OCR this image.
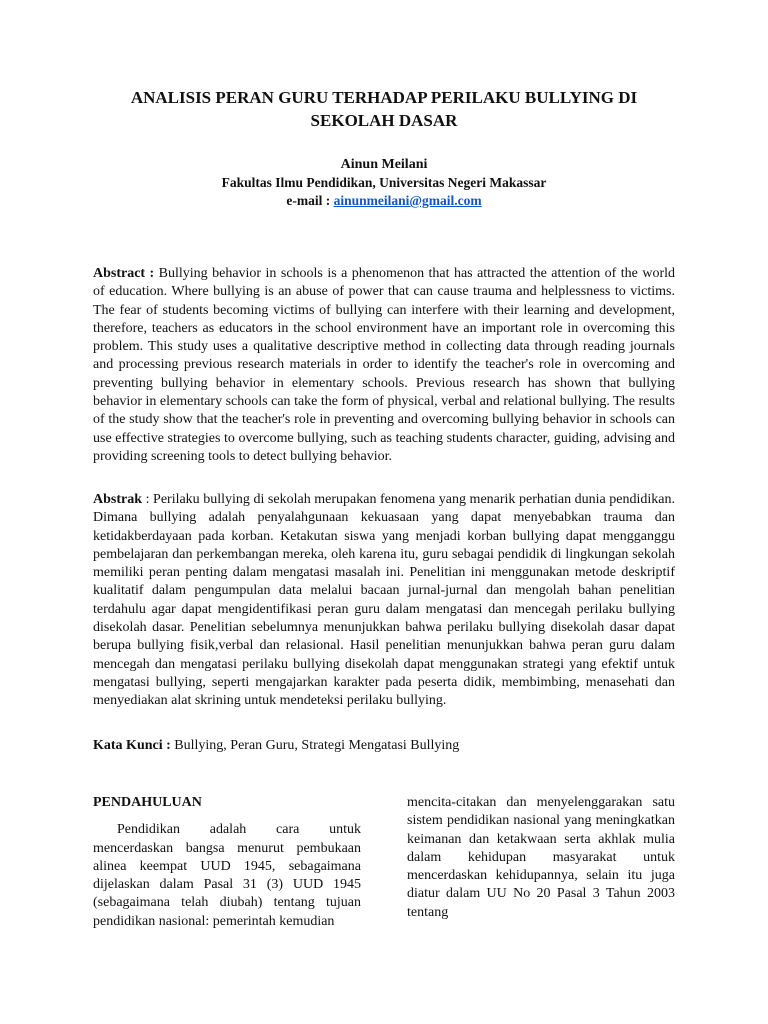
ANALISIS PERAN GURU TERHADAP PERILAKU BULLYING DI SEKOLAH DASAR
Ainun Meilani
Fakultas Ilmu Pendidikan, Universitas Negeri Makassar
e-mail : ainunmeilani@gmail.com
Abstract : Bullying behavior in schools is a phenomenon that has attracted the attention of the world of education. Where bullying is an abuse of power that can cause trauma and helplessness to victims. The fear of students becoming victims of bullying can interfere with their learning and development, therefore, teachers as educators in the school environment have an important role in overcoming this problem. This study uses a qualitative descriptive method in collecting data through reading journals and processing previous research materials in order to identify the teacher's role in overcoming and preventing bullying behavior in elementary schools. Previous research has shown that bullying behavior in elementary schools can take the form of physical, verbal and relational bullying. The results of the study show that the teacher's role in preventing and overcoming bullying behavior in schools can use effective strategies to overcome bullying, such as teaching students character, guiding, advising and providing screening tools to detect bullying behavior.
Abstrak : Perilaku bullying di sekolah merupakan fenomena yang menarik perhatian dunia pendidikan. Dimana bullying adalah penyalahgunaan kekuasaan yang dapat menyebabkan trauma dan ketidakberdayaan pada korban. Ketakutan siswa yang menjadi korban bullying dapat mengganggu pembelajaran dan perkembangan mereka, oleh karena itu, guru sebagai pendidik di lingkungan sekolah memiliki peran penting dalam mengatasi masalah ini. Penelitian ini menggunakan metode deskriptif kualitatif dalam pengumpulan data melalui bacaan jurnal-jurnal dan mengolah bahan penelitian terdahulu agar dapat mengidentifikasi peran guru dalam mengatasi dan mencegah perilaku bullying disekolah dasar. Penelitian sebelumnya menunjukkan bahwa perilaku bullying disekolah dasar dapat berupa bullying fisik,verbal dan relasional. Hasil penelitian menunjukkan bahwa peran guru dalam mencegah dan mengatasi perilaku bullying disekolah dapat menggunakan strategi yang efektif untuk mengatasi bullying, seperti mengajarkan karakter pada peserta didik, membimbing, menasehati dan menyediakan alat skrining untuk mendeteksi perilaku bullying.
Kata Kunci : Bullying, Peran Guru, Strategi Mengatasi Bullying
PENDAHULUAN

Pendidikan adalah cara untuk mencerdaskan bangsa menurut pembukaan alinea keempat UUD 1945, sebagaimana dijelaskan dalam Pasal 31 (3) UUD 1945 (sebagaimana telah diubah) tentang tujuan pendidikan nasional: pemerintah kemudian

mencita-citakan dan menyelenggarakan satu sistem pendidikan nasional yang meningkatkan keimanan dan ketakwaan serta akhlak mulia dalam kehidupan masyarakat untuk mencerdaskan kehidupannya, selain itu juga diatur dalam UU No 20 Pasal 3 Tahun 2003 tentang
